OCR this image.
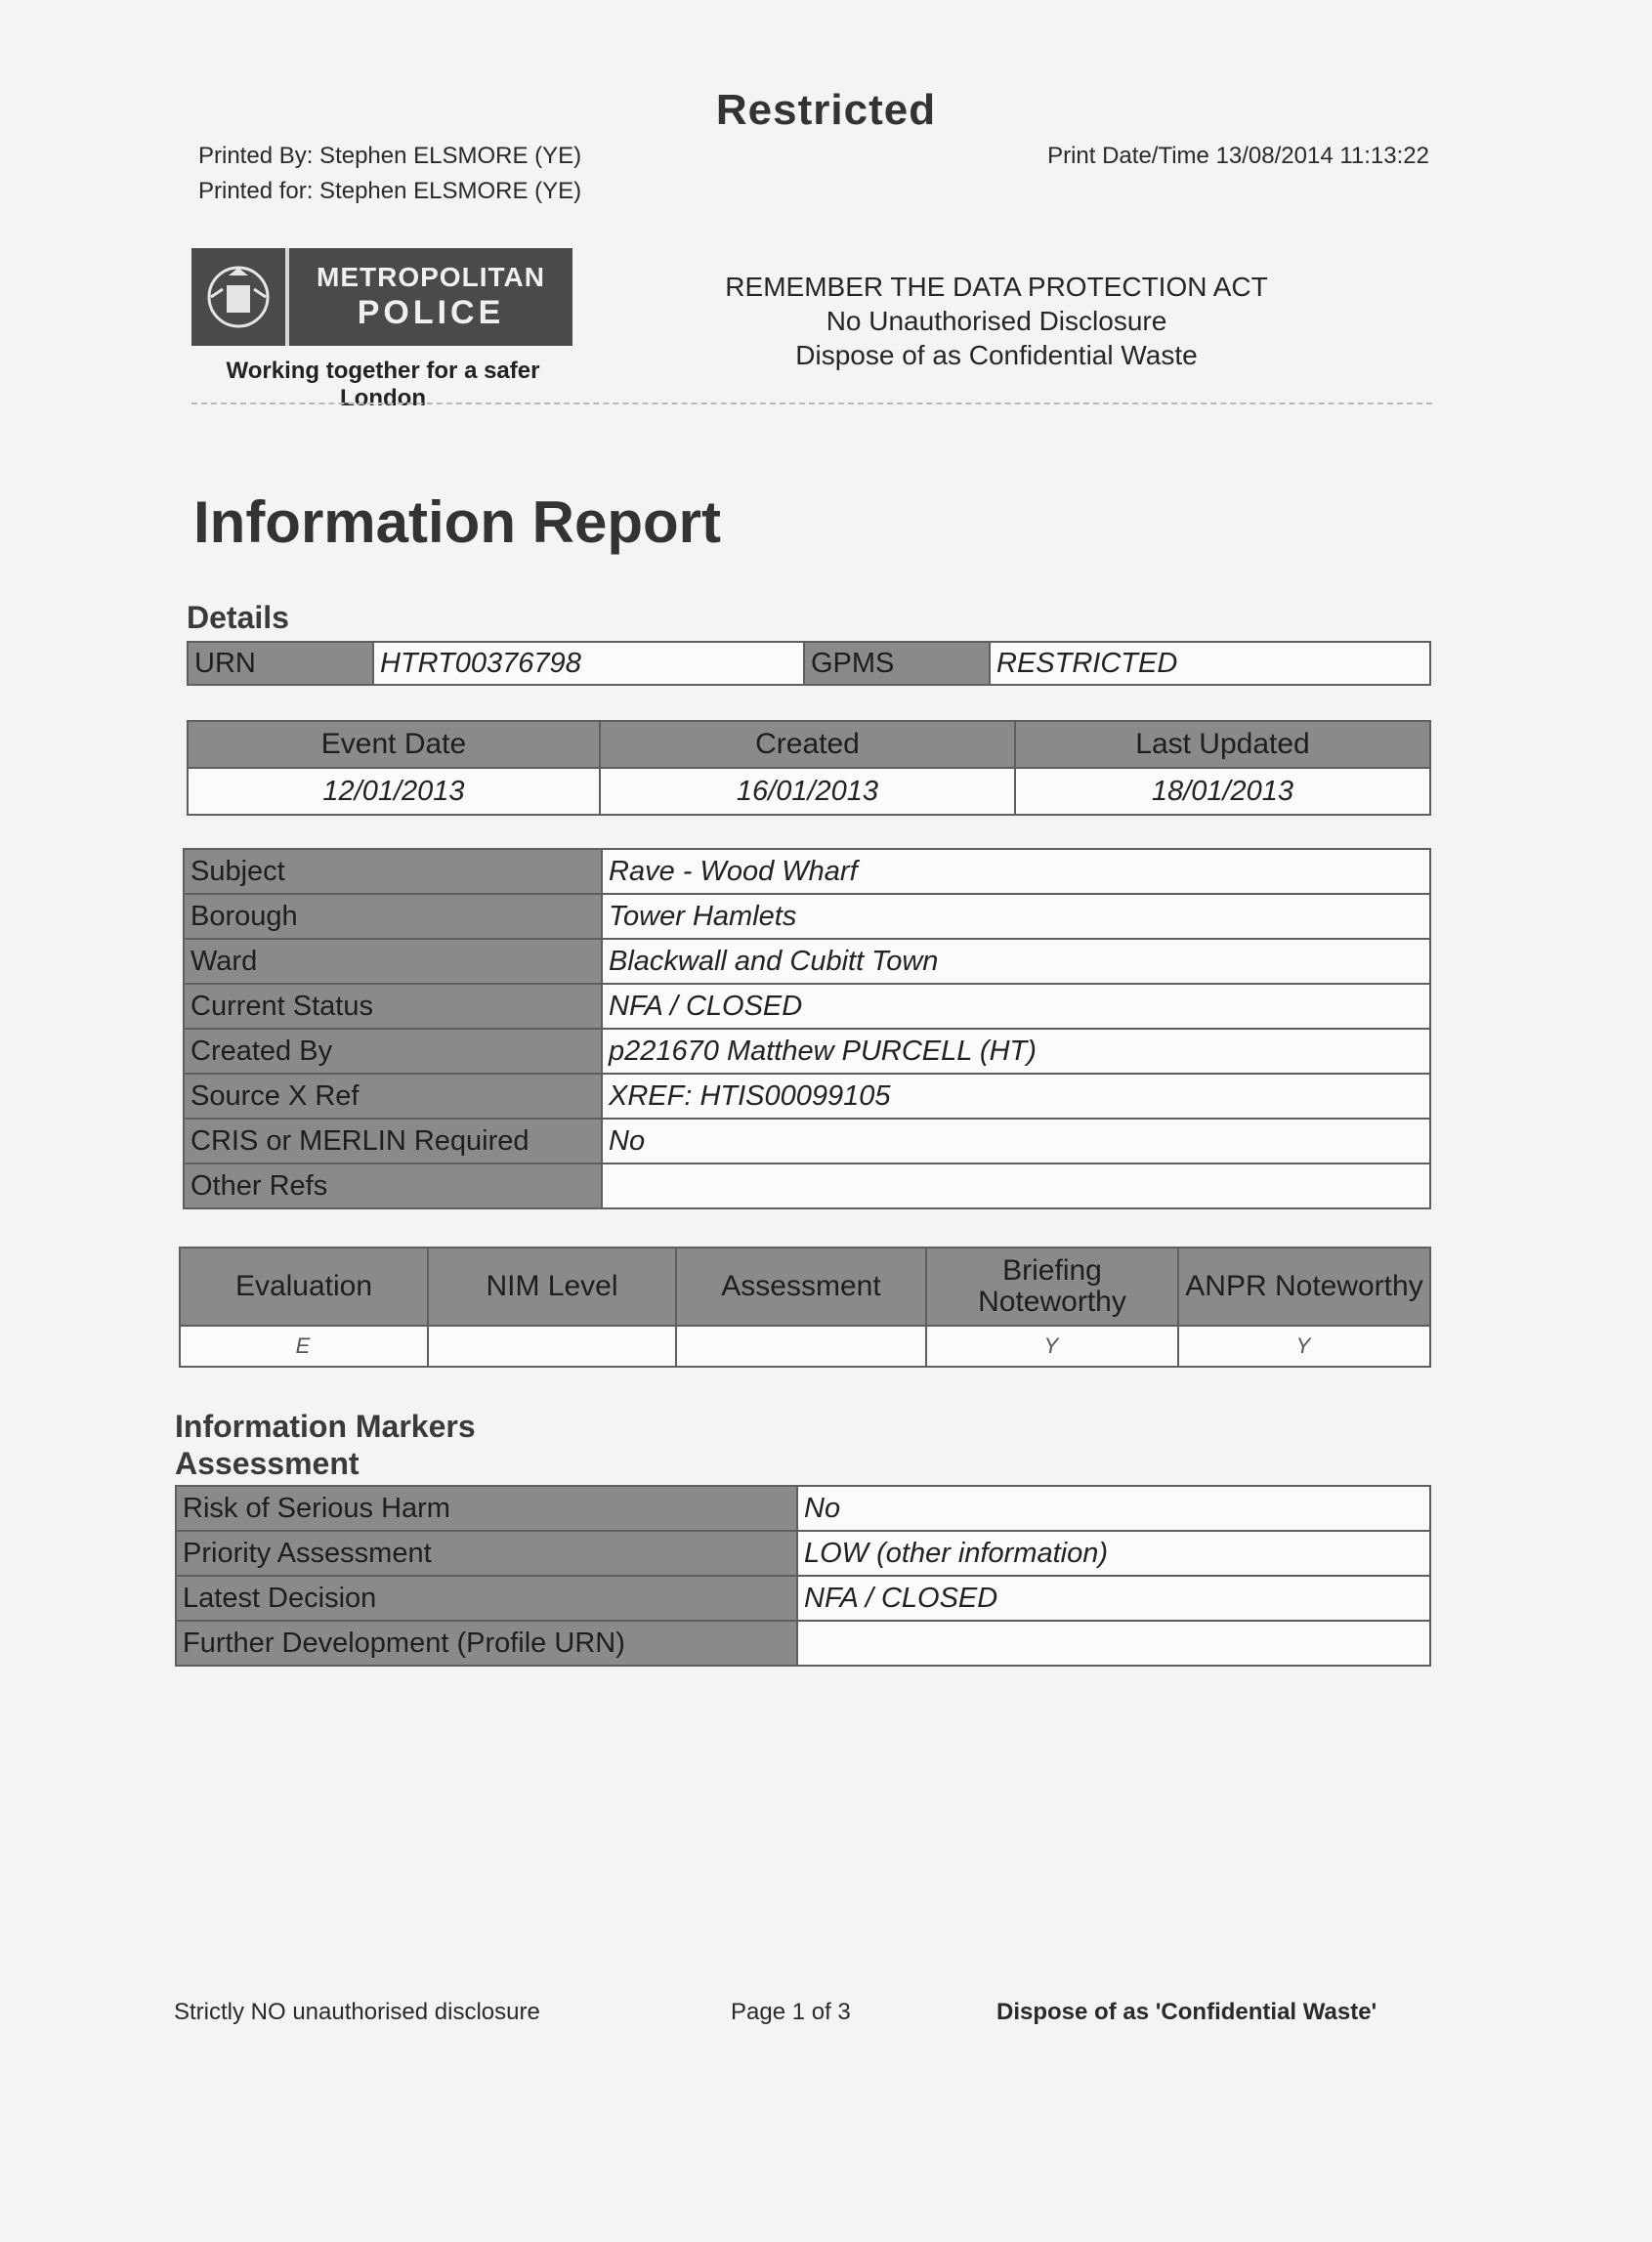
Restricted
Printed By: Stephen ELSMORE (YE)
Printed for: Stephen ELSMORE (YE)
Print Date/Time 13/08/2014 11:13:22
METROPOLITAN
POLICE
Working together for a safer London
REMEMBER THE DATA PROTECTION ACT
No Unauthorised Disclosure
Dispose of as Confidential Waste
Information Report
Details
URN	HTRT00376798	GPMS	RESTRICTED
Event Date	Created	Last Updated
12/01/2013	16/01/2013	18/01/2013
Subject	Rave - Wood Wharf
Borough	Tower Hamlets
Ward	Blackwall and Cubitt Town
Current Status	NFA / CLOSED
Created By	p221670 Matthew PURCELL (HT)
Source X Ref	XREF: HTIS00099105
CRIS or MERLIN Required	No
Other Refs	
Evaluation	NIM Level	Assessment	Briefing Noteworthy	ANPR Noteworthy
E			Y	Y
Information Markers
Assessment
Risk of Serious Harm	No
Priority Assessment	LOW (other information)
Latest Decision	NFA / CLOSED
Further Development (Profile URN)	
Strictly NO unauthorised disclosure	Page 1 of 3	Dispose of as 'Confidential Waste'
